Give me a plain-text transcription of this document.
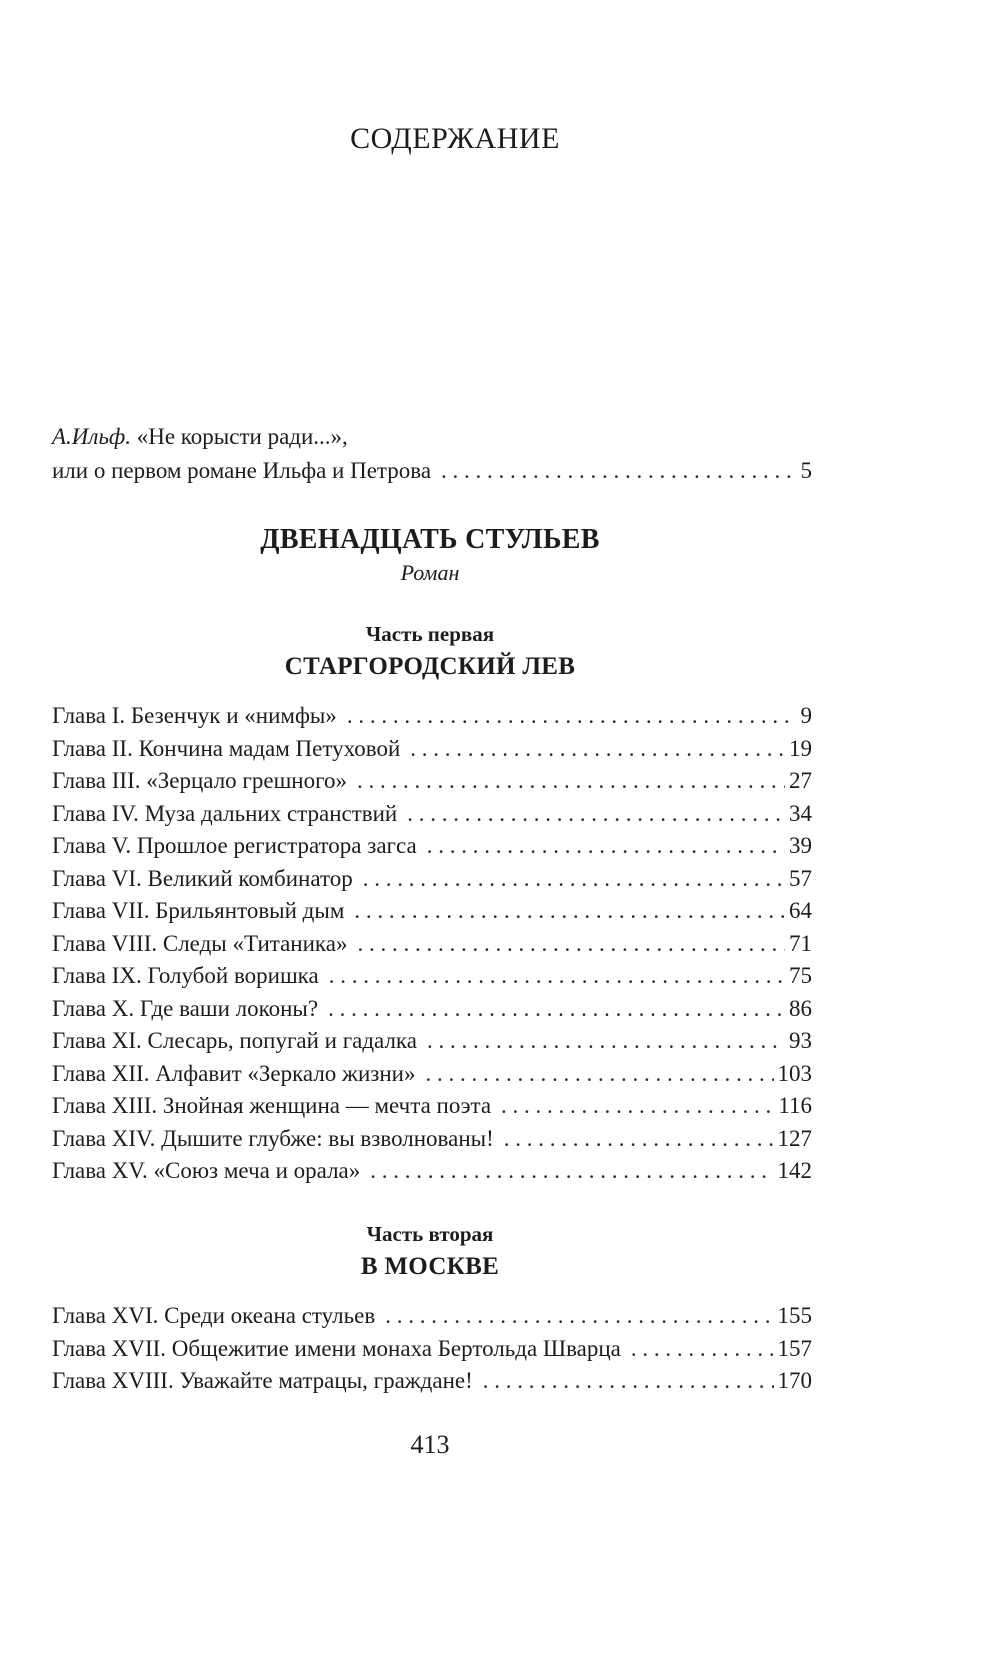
СОДЕРЖАНИЕ
А.Ильф.
«Не корысти ради...»,
или о первом романе Ильфа и Петрова . . .	5
ДВЕНАДЦАТЬ СТУЛЬЕВ
Роман
Часть первая
СТАРГОРОДСКИЙ ЛЕВ
Глава I. Безенчук и «нимфы» . . .	9
Глава II. Кончина мадам Петуховой . . .	19
Глава III. «Зерцало грешного» . . .	27
Глава IV. Муза дальних странствий . . .	34
Глава V. Прошлое регистратора загса . . .	39
Глава VI. Великий комбинатор . . .	57
Глава VII. Брильянтовый дым . . .	64
Глава VIII. Следы «Титаника» . . .	71
Глава IX. Голубой воришка . . .	75
Глава X. Где ваши локоны? . . .	86
Глава XI. Слесарь, попугай и гадалка . . .	93
Глава XII. Алфавит «Зеркало жизни» . . .	103
Глава XIII. Знойная женщина — мечта поэта . . .	116
Глава XIV. Дышите глубже: вы взволнованы! . . .	127
Глава XV. «Союз меча и орала» . . .	142
Часть вторая
В МОСКВЕ
Глава XVI. Среди океана стульев . . .	155
Глава XVII. Общежитие имени монаха Бертольда Шварца . . .	157
Глава XVIII. Уважайте матрацы, граждане! . . .	170
413
